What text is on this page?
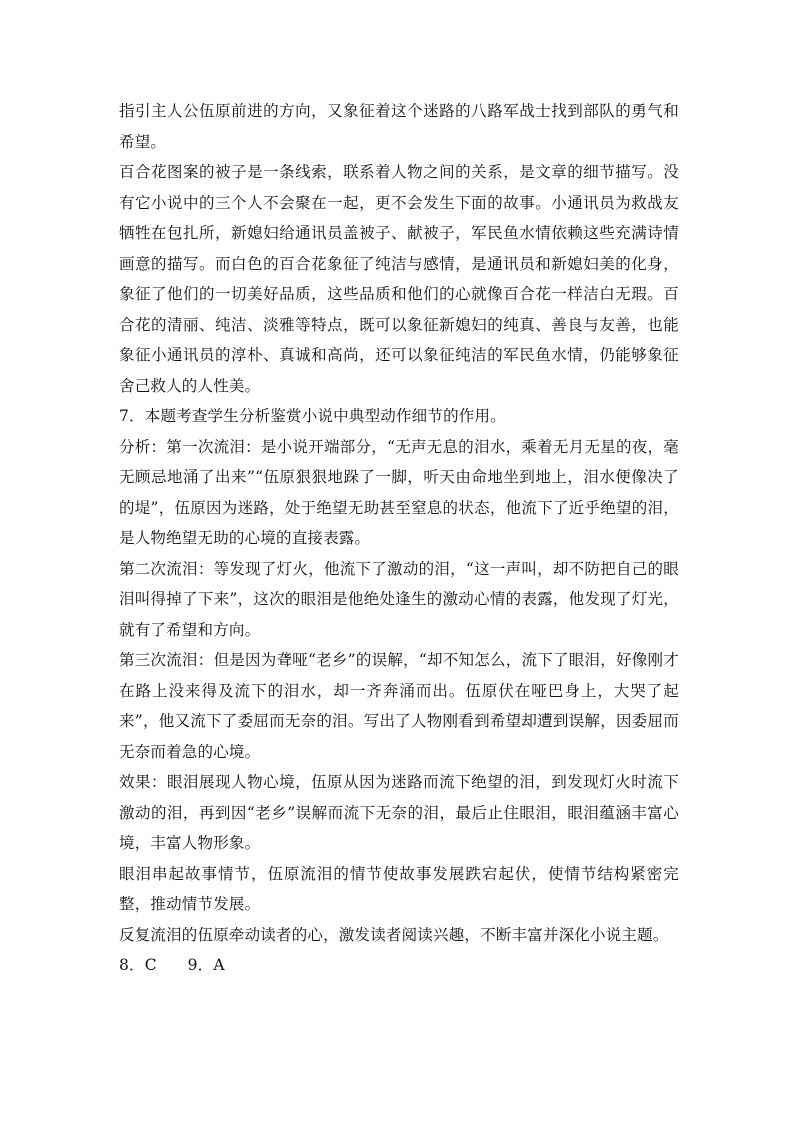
指引主人公伍原前进的方向，又象征着这个迷路的八路军战士找到部队的勇气和希望。

百合花图案的被子是一条线索，联系着人物之间的关系，是文章的细节描写。没有它小说中的三个人不会聚在一起，更不会发生下面的故事。小通讯员为救战友牺牲在包扎所，新媳妇给通讯员盖被子、献被子，军民鱼水情依赖这些充满诗情画意的描写。而白色的百合花象征了纯洁与感情，是通讯员和新媳妇美的化身，象征了他们的一切美好品质，这些品质和他们的心就像百合花一样洁白无瑕。百合花的清丽、纯洁、淡雅等特点，既可以象征新媳妇的纯真、善良与友善，也能象征小通讯员的淳朴、真诚和高尚，还可以象征纯洁的军民鱼水情，仍能够象征舍己救人的人性美。

7．本题考查学生分析鉴赏小说中典型动作细节的作用。

分析：第一次流泪：是小说开端部分，“无声无息的泪水，乘着无月无星的夜，毫无顾忌地涌了出来”“伍原狠狠地跺了一脚，听天由命地坐到地上，泪水便像决了的堤”，伍原因为迷路，处于绝望无助甚至窒息的状态，他流下了近乎绝望的泪，是人物绝望无助的心境的直接表露。

第二次流泪：等发现了灯火，他流下了激动的泪，“这一声叫，却不防把自己的眼泪叫得掉了下来”，这次的眼泪是他绝处逢生的激动心情的表露，他发现了灯光，就有了希望和方向。

第三次流泪：但是因为聋哑“老乡”的误解，“却不知怎么，流下了眼泪，好像刚才在路上没来得及流下的泪水，却一齐奔涌而出。伍原伏在哑巴身上，大哭了起来”，他又流下了委屈而无奈的泪。写出了人物刚看到希望却遭到误解，因委屈而无奈而着急的心境。

效果：眼泪展现人物心境，伍原从因为迷路而流下绝望的泪，到发现灯火时流下激动的泪，再到因“老乡”误解而流下无奈的泪，最后止住眼泪，眼泪蕴涵丰富心境，丰富人物形象。

眼泪串起故事情节，伍原流泪的情节使故事发展跌宕起伏，使情节结构紧密完整，推动情节发展。

反复流泪的伍原牵动读者的心，激发读者阅读兴趣，不断丰富并深化小说主题。

8．C      9．A
